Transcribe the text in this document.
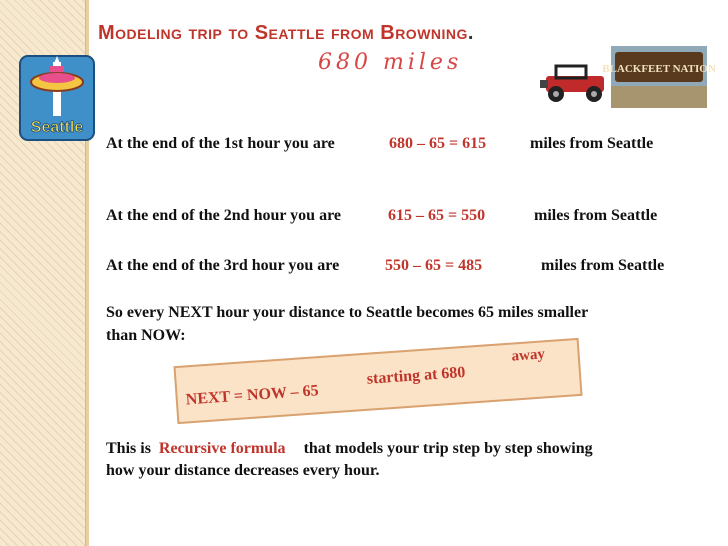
Modeling trip to Seattle from Browning.
680 miles
Seattle
BLACKFEET NATION
At the end of the 1st hour you are	680 – 65 = 615	miles from Seattle
At the end of the 2nd hour you are	615 – 65 = 550	miles from Seattle
At the end of the 3rd hour you are	550 – 65 = 485	miles from Seattle
So every NEXT hour your distance to Seattle becomes 65 miles smaller
than NOW:
NEXT = NOW – 65
starting at 680
away
This is Recursive formula that models your trip step by step showing
how your distance decreases every hour.
